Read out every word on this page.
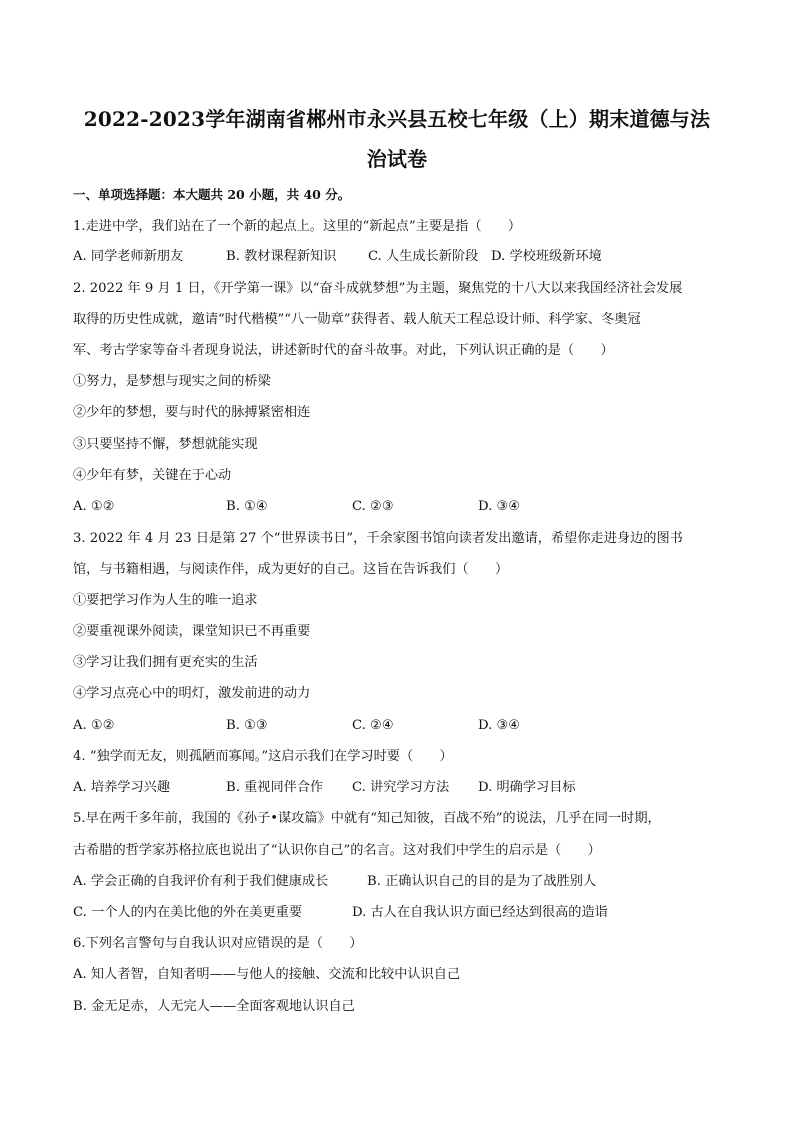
2022-2023学年湖南省郴州市永兴县五校七年级（上）期末道德与法
治试卷

一、单项选择题：本大题共 20 小题，共 40 分。

1.走进中学，我们站在了一个新的起点上。这里的“新起点”主要是指（　　）

A. 同学老师新朋友	B. 教材课程新知识 C. 人生成长新阶段 D. 学校班级新环境

2. 2022 年 9 月 1 日，《开学第一课》以“奋斗成就梦想”为主题，聚焦党的十八大以来我国经济社会发展

取得的历史性成就，邀请“时代楷模”“八一勋章”获得者、载人航天工程总设计师、科学家、冬奥冠

军、考古学家等奋斗者现身说法，讲述新时代的奋斗故事。对此，下列认识正确的是（　　）

①努力，是梦想与现实之间的桥梁

②少年的梦想，要与时代的脉搏紧密相连

③只要坚持不懈，梦想就能实现

④少年有梦，关键在于心动

A. ①②	B. ①④	C. ②③	D. ③④

3. 2022 年 4 月 23 日是第 27 个“世界读书日”，千余家图书馆向读者发出邀请，希望你走进身边的图书

馆，与书籍相遇，与阅读作伴，成为更好的自己。这旨在告诉我们（　　）

①要把学习作为人生的唯一追求

②要重视课外阅读，课堂知识已不再重要

③学习让我们拥有更充实的生活

④学习点亮心中的明灯，激发前进的动力

A. ①②	B. ①③	C. ②④	D. ③④

4. “独学而无友，则孤陋而寡闻。”这启示我们在学习时要（　　）

A. 培养学习兴趣	B. 重视同伴合作 C. 讲究学习方法 D. 明确学习目标

5.早在两千多年前，我国的《孙子•谋攻篇》中就有“知己知彼，百战不殆”的说法，几乎在同一时期，

古希腊的哲学家苏格拉底也说出了“认识你自己”的名言。这对我们中学生的启示是（　　）

A. 学会正确的自我评价有利于我们健康成长	B. 正确认识自己的目的是为了战胜别人

C. 一个人的内在美比他的外在美更重要	D. 古人在自我认识方面已经达到很高的造诣

6.下列名言警句与自我认识对应错误的是（　　）

A. 知人者智，自知者明——与他人的接触、交流和比较中认识自己

B. 金无足赤，人无完人——全面客观地认识自己
